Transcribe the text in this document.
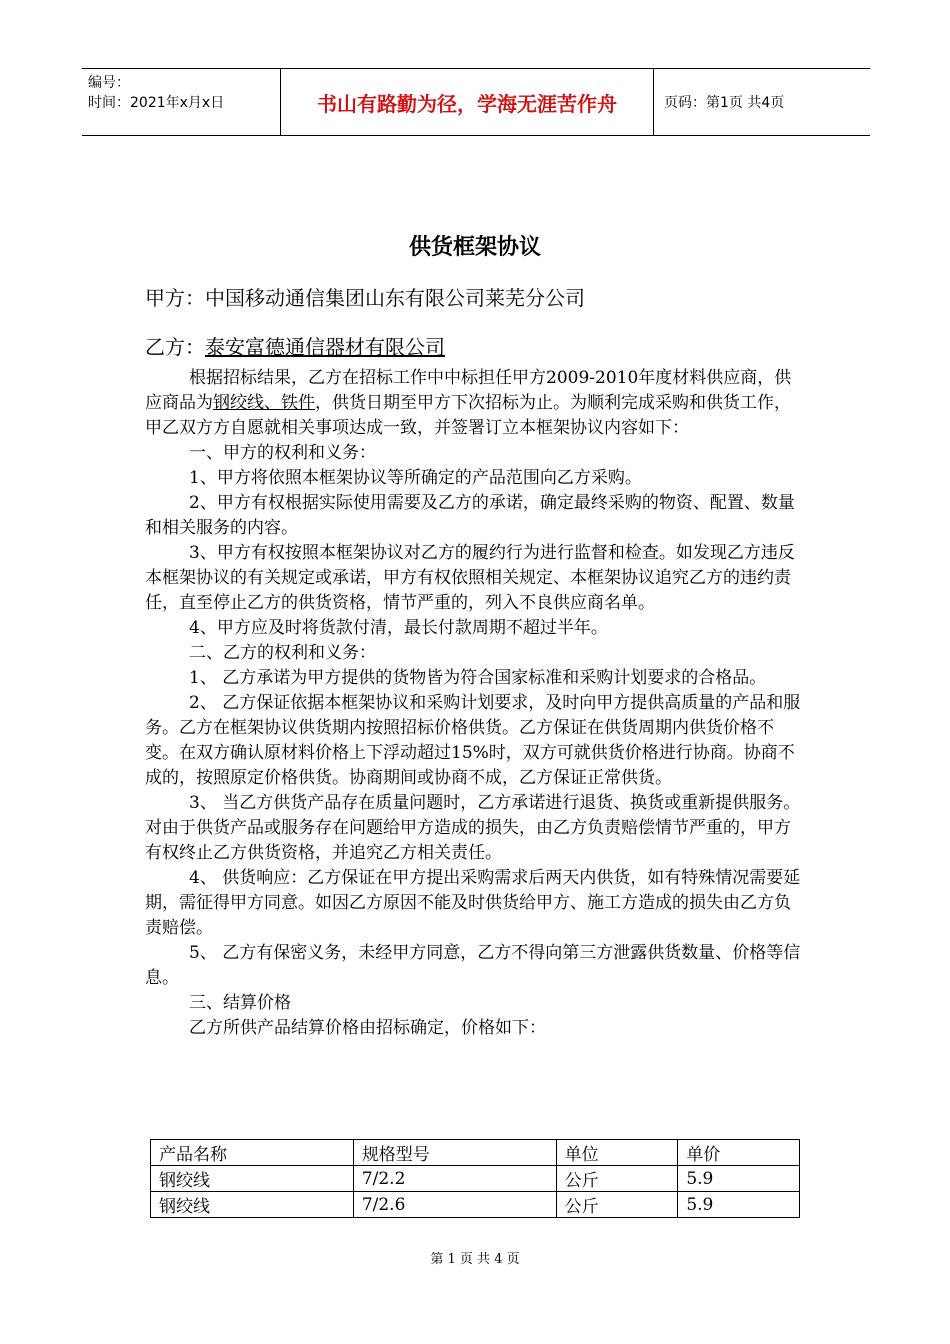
编号：
时间：2021年x月x日	书山有路勤为径，学海无涯苦作舟	页码：第1页 共4页
供货框架协议
甲方：中国移动通信集团山东有限公司莱芜分公司
乙方：泰安富德通信器材有限公司

根据招标结果，乙方在招标工作中中标担任甲方2009-2010年度材料供应商，供应商品为钢绞线、铁件，供货日期至甲方下次招标为止。为顺利完成采购和供货工作，甲乙双方方自愿就相关事项达成一致，并签署订立本框架协议内容如下：

一、甲方的权利和义务：

1、甲方将依照本框架协议等所确定的产品范围向乙方采购。

2、甲方有权根据实际使用需要及乙方的承诺，确定最终采购的物资、配置、数量和相关服务的内容。

3、甲方有权按照本框架协议对乙方的履约行为进行监督和检查。如发现乙方违反本框架协议的有关规定或承诺，甲方有权依照相关规定、本框架协议追究乙方的违约责任，直至停止乙方的供货资格，情节严重的，列入不良供应商名单。

4、甲方应及时将货款付清，最长付款周期不超过半年。

二、乙方的权利和义务：

1、 乙方承诺为甲方提供的货物皆为符合国家标准和采购计划要求的合格品。

2、 乙方保证依据本框架协议和采购计划要求，及时向甲方提供高质量的产品和服务。乙方在框架协议供货期内按照招标价格供货。乙方保证在供货周期内供货价格不变。在双方确认原材料价格上下浮动超过15%时，双方可就供货价格进行协商。协商不成的，按照原定价格供货。协商期间或协商不成，乙方保证正常供货。

3、 当乙方供货产品存在质量问题时，乙方承诺进行退货、换货或重新提供服务。对由于供货产品或服务存在问题给甲方造成的损失，由乙方负责赔偿情节严重的，甲方有权终止乙方供货资格，并追究乙方相关责任。

4、 供货响应：乙方保证在甲方提出采购需求后两天内供货，如有特殊情况需要延期，需征得甲方同意。如因乙方原因不能及时供货给甲方、施工方造成的损失由乙方负责赔偿。

5、 乙方有保密义务，未经甲方同意，乙方不得向第三方泄露供货数量、价格等信息。

三、结算价格

乙方所供产品结算价格由招标确定，价格如下：

产品名称	规格型号	单位	单价
钢绞线	7/2.2	公斤	5.9
钢绞线	7/2.6	公斤	5.9
第 1 页 共 4 页
